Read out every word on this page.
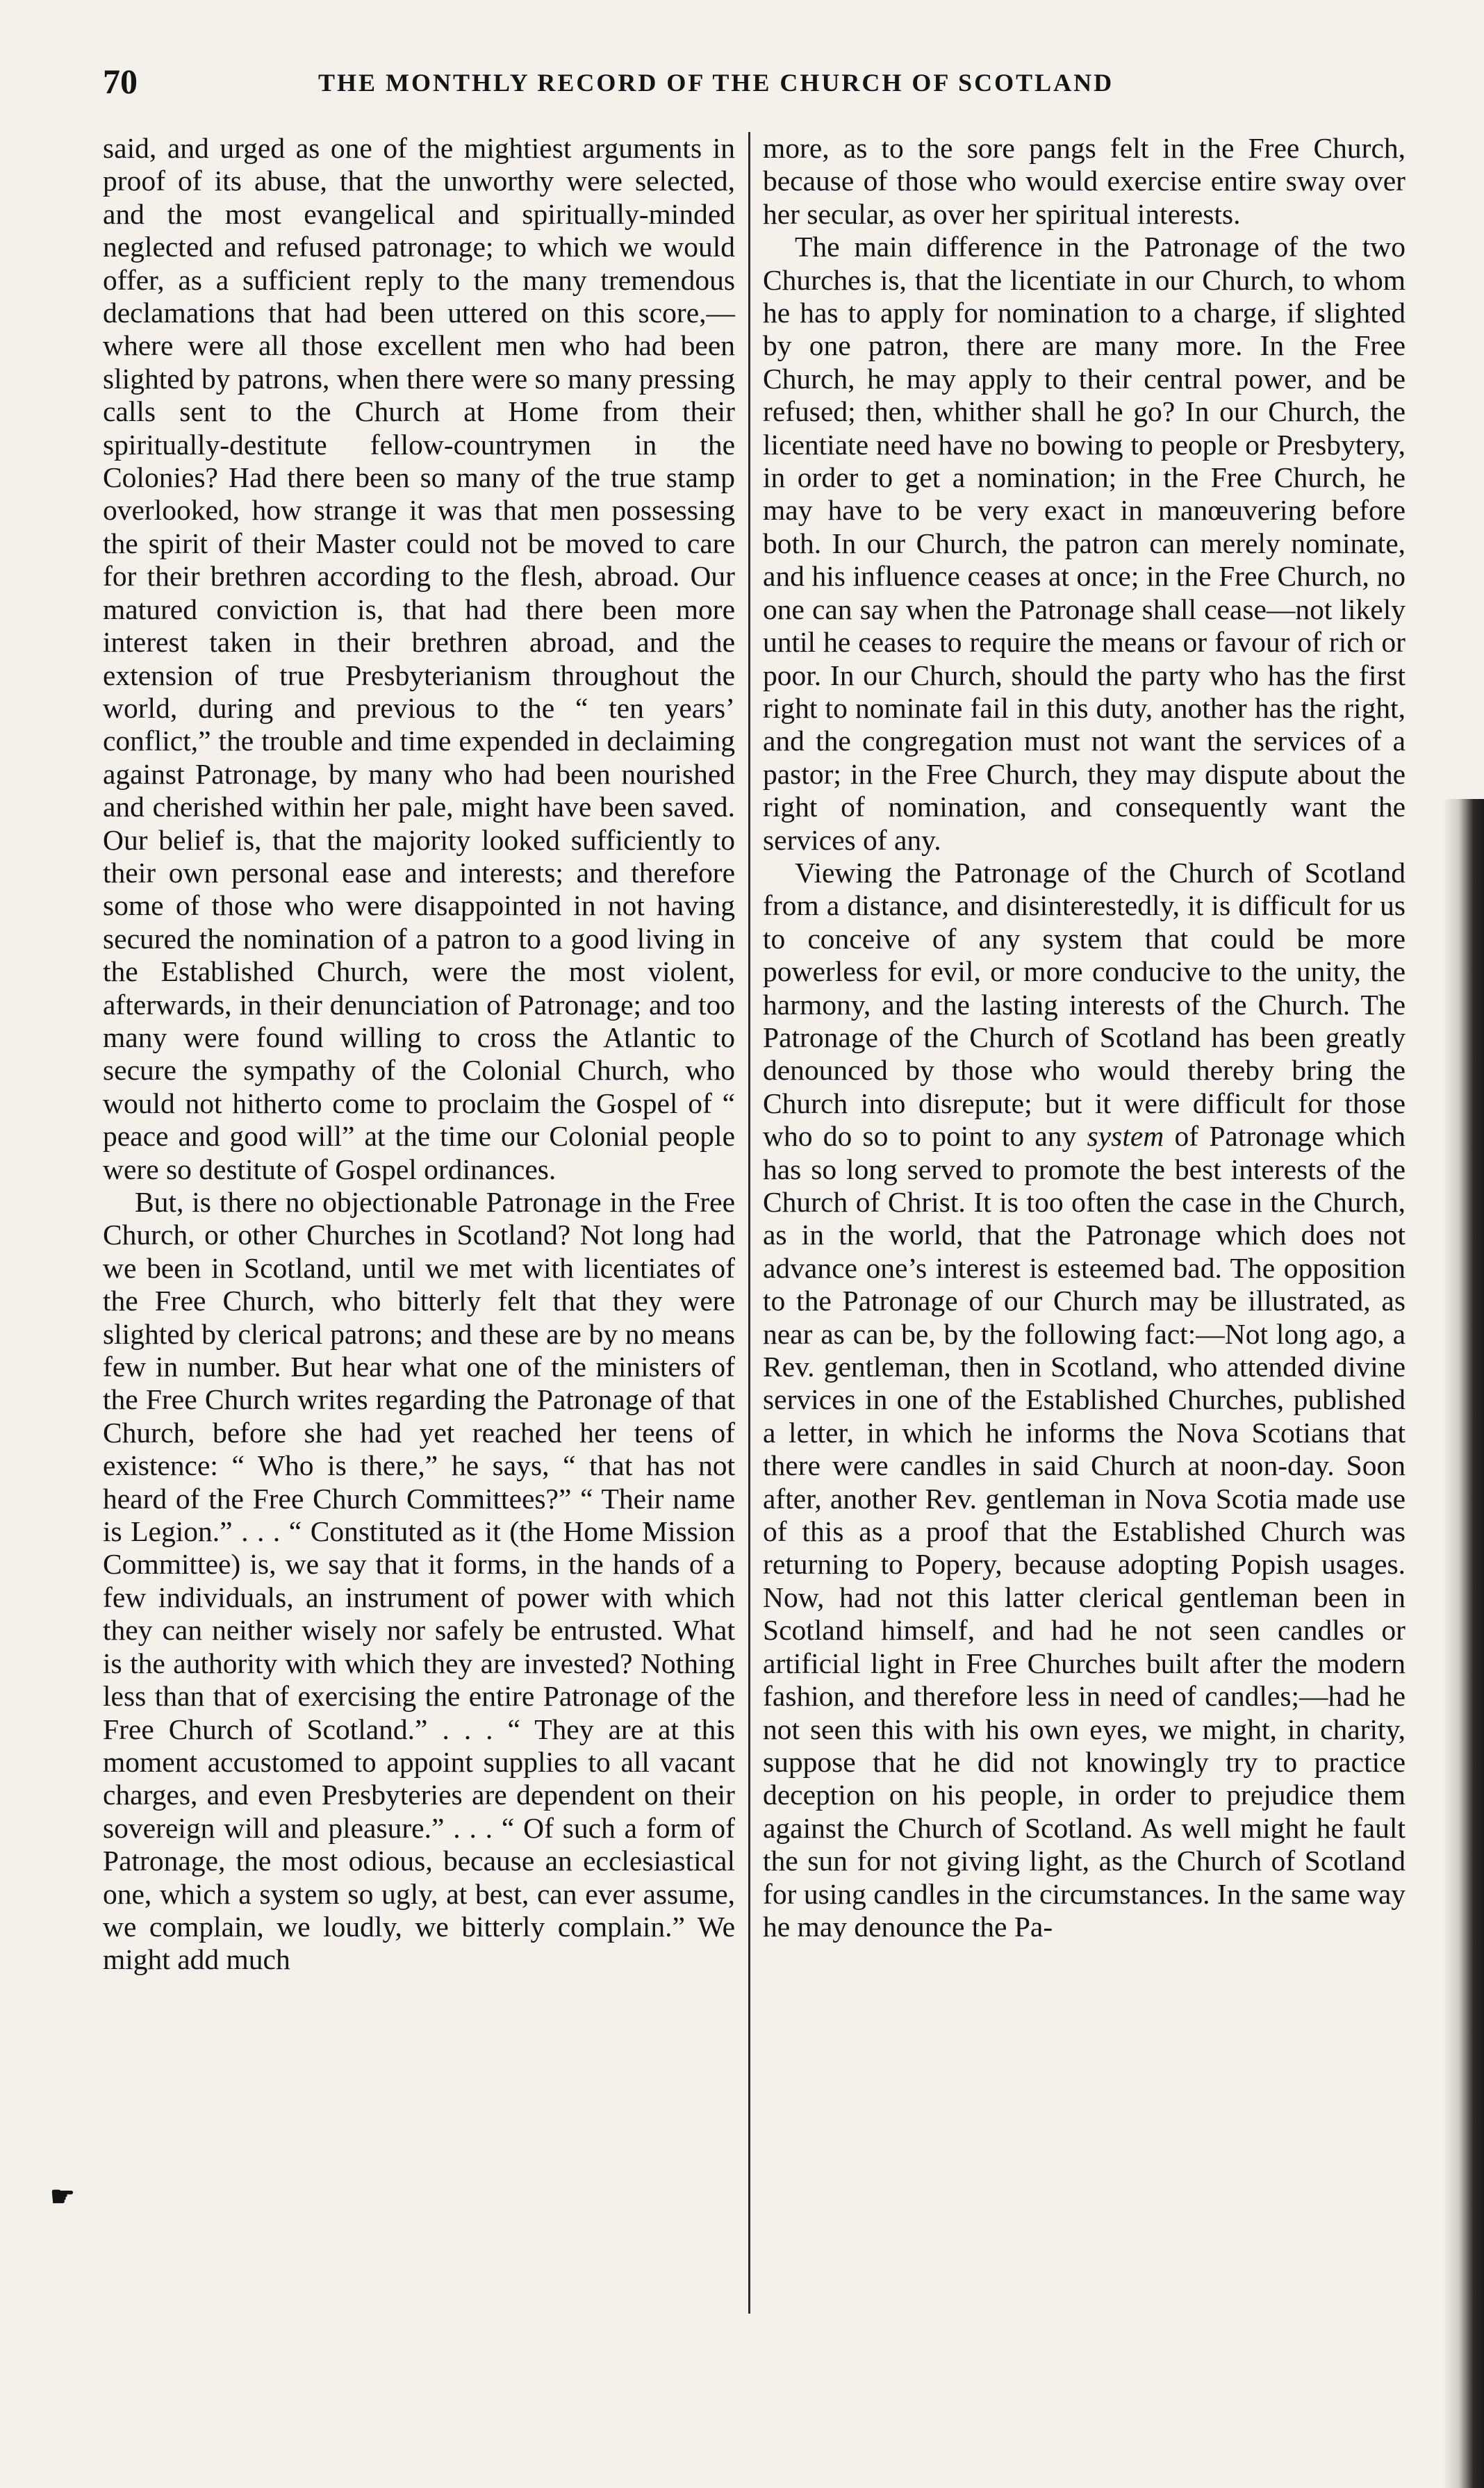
70	THE MONTHLY RECORD OF THE CHURCH OF SCOTLAND

said, and urged as one of the mightiest arguments in proof of its abuse, that the unworthy were selected, and the most evangelical and spiritually-minded neglected and refused patronage; to which we would offer, as a sufficient reply to the many tremendous declamations that had been uttered on this score,—where were all those excellent men who had been slighted by patrons, when there were so many pressing calls sent to the Church at Home from their spiritually-destitute fellow-countrymen in the Colonies? Had there been so many of the true stamp overlooked, how strange it was that men possessing the spirit of their Master could not be moved to care for their brethren according to the flesh, abroad. Our matured conviction is, that had there been more interest taken in their brethren abroad, and the extension of true Presbyterianism throughout the world, during and previous to the “ ten years’ conflict,” the trouble and time expended in declaiming against Patronage, by many who had been nourished and cherished within her pale, might have been saved. Our belief is, that the majority looked sufficiently to their own personal ease and interests; and therefore some of those who were disappointed in not having secured the nomination of a patron to a good living in the Established Church, were the most violent, afterwards, in their denunciation of Patronage; and too many were found willing to cross the Atlantic to secure the sympathy of the Colonial Church, who would not hitherto come to proclaim the Gospel of “ peace and good will” at the time our Colonial people were so destitute of Gospel ordinances.

But, is there no objectionable Patronage in the Free Church, or other Churches in Scotland? Not long had we been in Scotland, until we met with licentiates of the Free Church, who bitterly felt that they were slighted by clerical patrons; and these are by no means few in number. But hear what one of the ministers of the Free Church writes regarding the Patronage of that Church, before she had yet reached her teens of existence: “ Who is there,” he says, “ that has not heard of the Free Church Committees?” “ Their name is Legion.” . . . “ Constituted as it (the Home Mission Committee) is, we say that it forms, in the hands of a few individuals, an instrument of power with which they can neither wisely nor safely be entrusted. What is the authority with which they are invested? Nothing less than that of exercising the entire Patronage of the Free Church of Scotland.” . . . “ They are at this moment accustomed to appoint supplies to all vacant charges, and even Presbyteries are dependent on their sovereign will and pleasure.” . . . “ Of such a form of Patronage, the most odious, because an ecclesiastical one, which a system so ugly, at best, can ever assume, we complain, we loudly, we bitterly complain.” We might add much

more, as to the sore pangs felt in the Free Church, because of those who would exercise entire sway over her secular, as over her spiritual interests.

The main difference in the Patronage of the two Churches is, that the licentiate in our Church, to whom he has to apply for nomination to a charge, if slighted by one patron, there are many more. In the Free Church, he may apply to their central power, and be refused; then, whither shall he go? In our Church, the licentiate need have no bowing to people or Presbytery, in order to get a nomination; in the Free Church, he may have to be very exact in manœuvering before both. In our Church, the patron can merely nominate, and his influence ceases at once; in the Free Church, no one can say when the Patronage shall cease—not likely until he ceases to require the means or favour of rich or poor. In our Church, should the party who has the first right to nominate fail in this duty, another has the right, and the congregation must not want the services of a pastor; in the Free Church, they may dispute about the right of nomination, and consequently want the services of any.

Viewing the Patronage of the Church of Scotland from a distance, and disinterestedly, it is difficult for us to conceive of any system that could be more powerless for evil, or more conducive to the unity, the harmony, and the lasting interests of the Church. The Patronage of the Church of Scotland has been greatly denounced by those who would thereby bring the Church into disrepute; but it were difficult for those who do so to point to any system of Patronage which has so long served to promote the best interests of the Church of Christ. It is too often the case in the Church, as in the world, that the Patronage which does not advance one’s interest is esteemed bad. The opposition to the Patronage of our Church may be illustrated, as near as can be, by the following fact:—Not long ago, a Rev. gentleman, then in Scotland, who attended divine services in one of the Established Churches, published a letter, in which he informs the Nova Scotians that there were candles in said Church at noon-day. Soon after, another Rev. gentleman in Nova Scotia made use of this as a proof that the Established Church was returning to Popery, because adopting Popish usages. Now, had not this latter clerical gentleman been in Scotland himself, and had he not seen candles or artificial light in Free Churches built after the modern fashion, and therefore less in need of candles;—had he not seen this with his own eyes, we might, in charity, suppose that he did not knowingly try to practice deception on his people, in order to prejudice them against the Church of Scotland. As well might he fault the sun for not giving light, as the Church of Scotland for using candles in the circumstances. In the same way he may denounce the Pa-

☛
